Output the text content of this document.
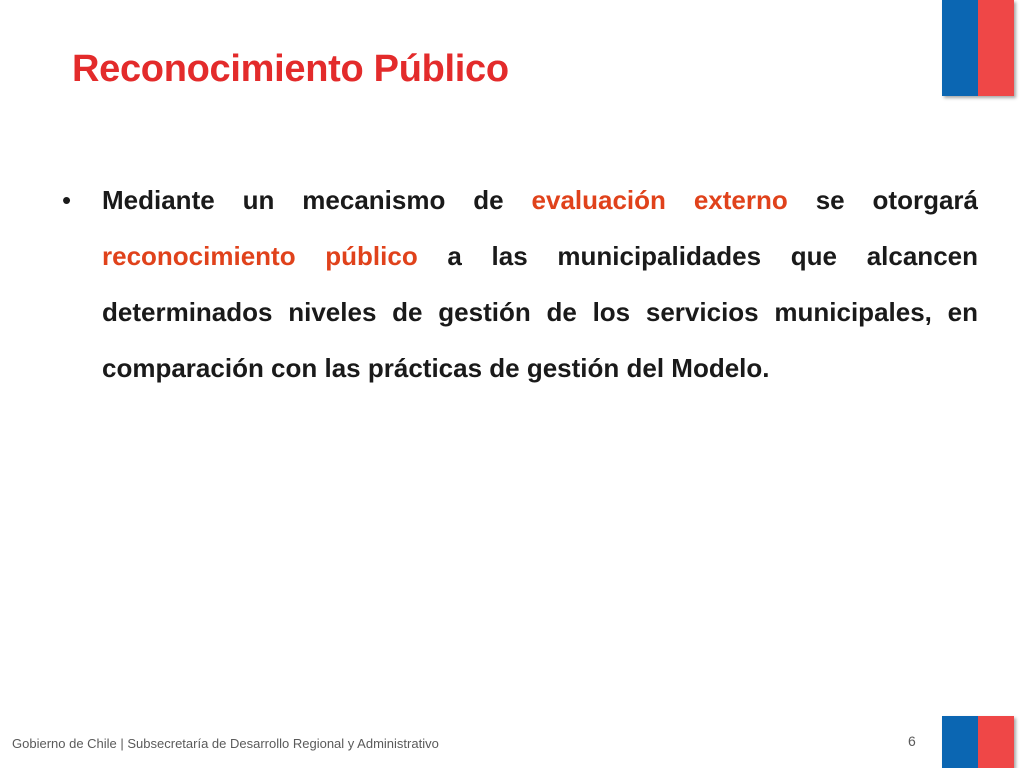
Reconocimiento Público
•	Mediante un mecanismo de evaluación externo se otorgará reconocimiento público a las municipalidades que alcancen determinados niveles de gestión de los servicios municipales, en comparación con las prácticas de gestión del Modelo.
Gobierno de Chile | Subsecretaría de Desarrollo Regional y Administrativo	6
